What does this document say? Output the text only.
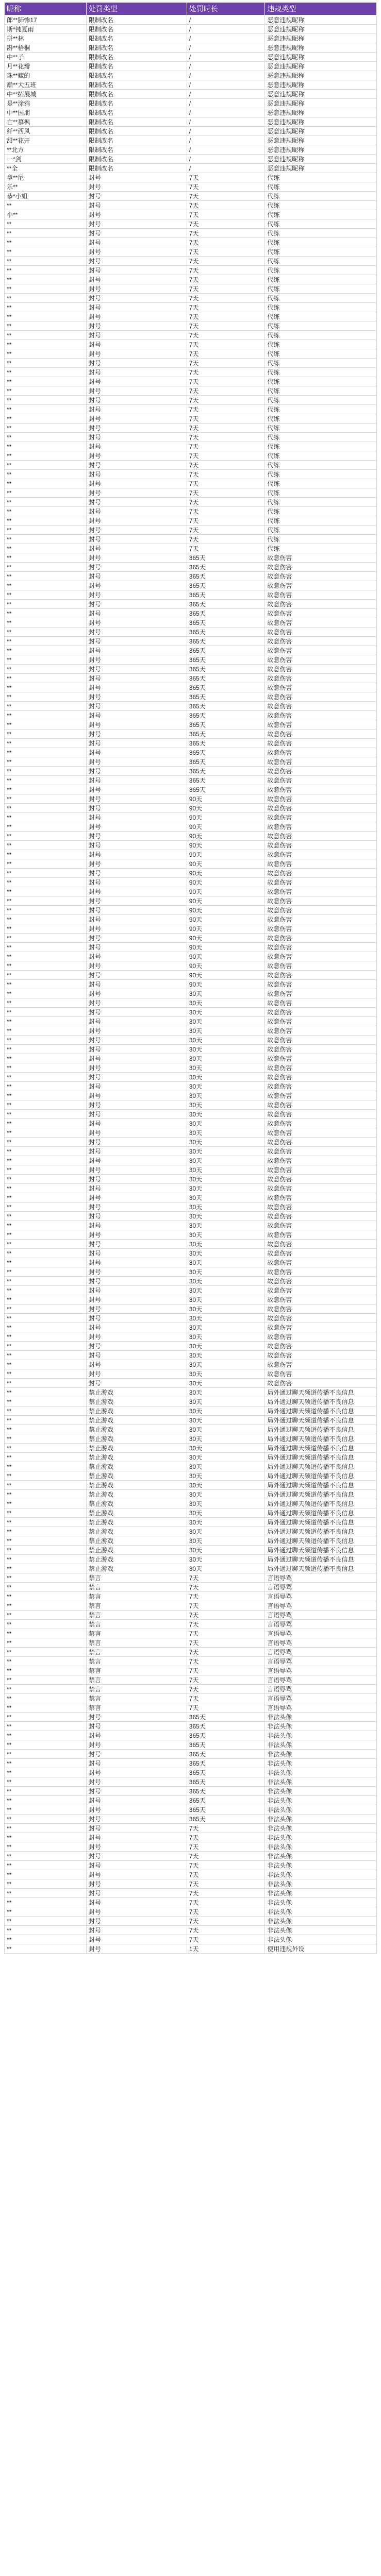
昵称	处罚类型	处罚时长	违规类型
郎**肺惨17	限制改名	/	恶意违规昵称
斯*钝夏雨	限制改名	/	恶意违规昵称
拼**林	限制改名	/	恶意违规昵称
斟**梧桐	限制改名	/	恶意违规昵称
中**子	限制改名	/	恶意违规昵称
月**花瓣	限制改名	/	恶意违规昵称
珠**藏的	限制改名	/	恶意违规昵称
巅**大五班	限制改名	/	恶意违规昵称
中**拓展城	限制改名	/	恶意违规昵称
是**涂鸦	限制改名	/	恶意违规昵称
中**国朋	限制改名	/	恶意违规昵称
亡**慕枫	限制改名	/	恶意违规昵称
纤**西风	限制改名	/	恶意违规昵称
甜**花开	限制改名	/	恶意违规昵称
**北方	限制改名	/	恶意违规昵称
一*剑	限制改名	/	恶意违规昵称
**全	限制改名	/	恶意违规昵称
拿**尼	封号	7天	代练
乐**	封号	7天	代练
恭*小姐	封号	7天	代练
**	封号	7天	代练
小**	封号	7天	代练
**	封号	7天	代练
**	封号	7天	代练
**	封号	7天	代练
**	封号	7天	代练
**	封号	7天	代练
**	封号	7天	代练
**	封号	7天	代练
**	封号	7天	代练
**	封号	7天	代练
**	封号	7天	代练
**	封号	7天	代练
**	封号	7天	代练
**	封号	7天	代练
**	封号	7天	代练
**	封号	7天	代练
**	封号	7天	代练
**	封号	7天	代练
**	封号	7天	代练
**	封号	7天	代练
**	封号	7天	代练
**	封号	7天	代练
**	封号	7天	代练
**	封号	7天	代练
**	封号	7天	代练
**	封号	7天	代练
**	封号	7天	代练
**	封号	7天	代练
**	封号	7天	代练
**	封号	7天	代练
**	封号	7天	代练
**	封号	7天	代练
**	封号	7天	代练
**	封号	7天	代练
**	封号	7天	代练
**	封号	7天	代练
**	封号	7天	代练
**	封号	365天	故意伤害
**	封号	365天	故意伤害
**	封号	365天	故意伤害
**	封号	365天	故意伤害
**	封号	365天	故意伤害
**	封号	365天	故意伤害
**	封号	365天	故意伤害
**	封号	365天	故意伤害
**	封号	365天	故意伤害
**	封号	365天	故意伤害
**	封号	365天	故意伤害
**	封号	365天	故意伤害
**	封号	365天	故意伤害
**	封号	365天	故意伤害
**	封号	365天	故意伤害
**	封号	365天	故意伤害
**	封号	365天	故意伤害
**	封号	365天	故意伤害
**	封号	365天	故意伤害
**	封号	365天	故意伤害
**	封号	365天	故意伤害
**	封号	365天	故意伤害
**	封号	365天	故意伤害
**	封号	365天	故意伤害
**	封号	365天	故意伤害
**	封号	365天	故意伤害
**	封号	90天	故意伤害
**	封号	90天	故意伤害
**	封号	90天	故意伤害
**	封号	90天	故意伤害
**	封号	90天	故意伤害
**	封号	90天	故意伤害
**	封号	90天	故意伤害
**	封号	90天	故意伤害
**	封号	90天	故意伤害
**	封号	90天	故意伤害
**	封号	90天	故意伤害
**	封号	90天	故意伤害
**	封号	90天	故意伤害
**	封号	90天	故意伤害
**	封号	90天	故意伤害
**	封号	90天	故意伤害
**	封号	90天	故意伤害
**	封号	90天	故意伤害
**	封号	90天	故意伤害
**	封号	90天	故意伤害
**	封号	90天	故意伤害
**	封号	30天	故意伤害
**	封号	30天	故意伤害
**	封号	30天	故意伤害
**	封号	30天	故意伤害
**	封号	30天	故意伤害
**	封号	30天	故意伤害
**	封号	30天	故意伤害
**	封号	30天	故意伤害
**	封号	30天	故意伤害
**	封号	30天	故意伤害
**	封号	30天	故意伤害
**	封号	30天	故意伤害
**	封号	30天	故意伤害
**	封号	30天	故意伤害
**	封号	30天	故意伤害
**	封号	30天	故意伤害
**	封号	30天	故意伤害
**	封号	30天	故意伤害
**	封号	30天	故意伤害
**	封号	30天	故意伤害
**	封号	30天	故意伤害
**	封号	30天	故意伤害
**	封号	30天	故意伤害
**	封号	30天	故意伤害
**	封号	30天	故意伤害
**	封号	30天	故意伤害
**	封号	30天	故意伤害
**	封号	30天	故意伤害
**	封号	30天	故意伤害
**	封号	30天	故意伤害
**	封号	30天	故意伤害
**	封号	30天	故意伤害
**	封号	30天	故意伤害
**	封号	30天	故意伤害
**	封号	30天	故意伤害
**	封号	30天	故意伤害
**	封号	30天	故意伤害
**	封号	30天	故意伤害
**	封号	30天	故意伤害
**	封号	30天	故意伤害
**	封号	30天	故意伤害
**	封号	30天	故意伤害
**	封号	30天	故意伤害
**	禁止游戏	30天	局外通过聊天频道传播不良信息
**	禁止游戏	30天	局外通过聊天频道传播不良信息
**	禁止游戏	30天	局外通过聊天频道传播不良信息
**	禁止游戏	30天	局外通过聊天频道传播不良信息
**	禁止游戏	30天	局外通过聊天频道传播不良信息
**	禁止游戏	30天	局外通过聊天频道传播不良信息
**	禁止游戏	30天	局外通过聊天频道传播不良信息
**	禁止游戏	30天	局外通过聊天频道传播不良信息
**	禁止游戏	30天	局外通过聊天频道传播不良信息
**	禁止游戏	30天	局外通过聊天频道传播不良信息
**	禁止游戏	30天	局外通过聊天频道传播不良信息
**	禁止游戏	30天	局外通过聊天频道传播不良信息
**	禁止游戏	30天	局外通过聊天频道传播不良信息
**	禁止游戏	30天	局外通过聊天频道传播不良信息
**	禁止游戏	30天	局外通过聊天频道传播不良信息
**	禁止游戏	30天	局外通过聊天频道传播不良信息
**	禁止游戏	30天	局外通过聊天频道传播不良信息
**	禁止游戏	30天	局外通过聊天频道传播不良信息
**	禁止游戏	30天	局外通过聊天频道传播不良信息
**	禁止游戏	30天	局外通过聊天频道传播不良信息
**	禁言	7天	言语辱骂
**	禁言	7天	言语辱骂
**	禁言	7天	言语辱骂
**	禁言	7天	言语辱骂
**	禁言	7天	言语辱骂
**	禁言	7天	言语辱骂
**	禁言	7天	言语辱骂
**	禁言	7天	言语辱骂
**	禁言	7天	言语辱骂
**	禁言	7天	言语辱骂
**	禁言	7天	言语辱骂
**	禁言	7天	言语辱骂
**	禁言	7天	言语辱骂
**	禁言	7天	言语辱骂
**	禁言	7天	言语辱骂
**	封号	365天	非法头像
**	封号	365天	非法头像
**	封号	365天	非法头像
**	封号	365天	非法头像
**	封号	365天	非法头像
**	封号	365天	非法头像
**	封号	365天	非法头像
**	封号	365天	非法头像
**	封号	365天	非法头像
**	封号	365天	非法头像
**	封号	365天	非法头像
**	封号	365天	非法头像
**	封号	7天	非法头像
**	封号	7天	非法头像
**	封号	7天	非法头像
**	封号	7天	非法头像
**	封号	7天	非法头像
**	封号	7天	非法头像
**	封号	7天	非法头像
**	封号	7天	非法头像
**	封号	7天	非法头像
**	封号	7天	非法头像
**	封号	7天	非法头像
**	封号	7天	非法头像
**	封号	7天	非法头像
**	封号	1天	使用违规外设
